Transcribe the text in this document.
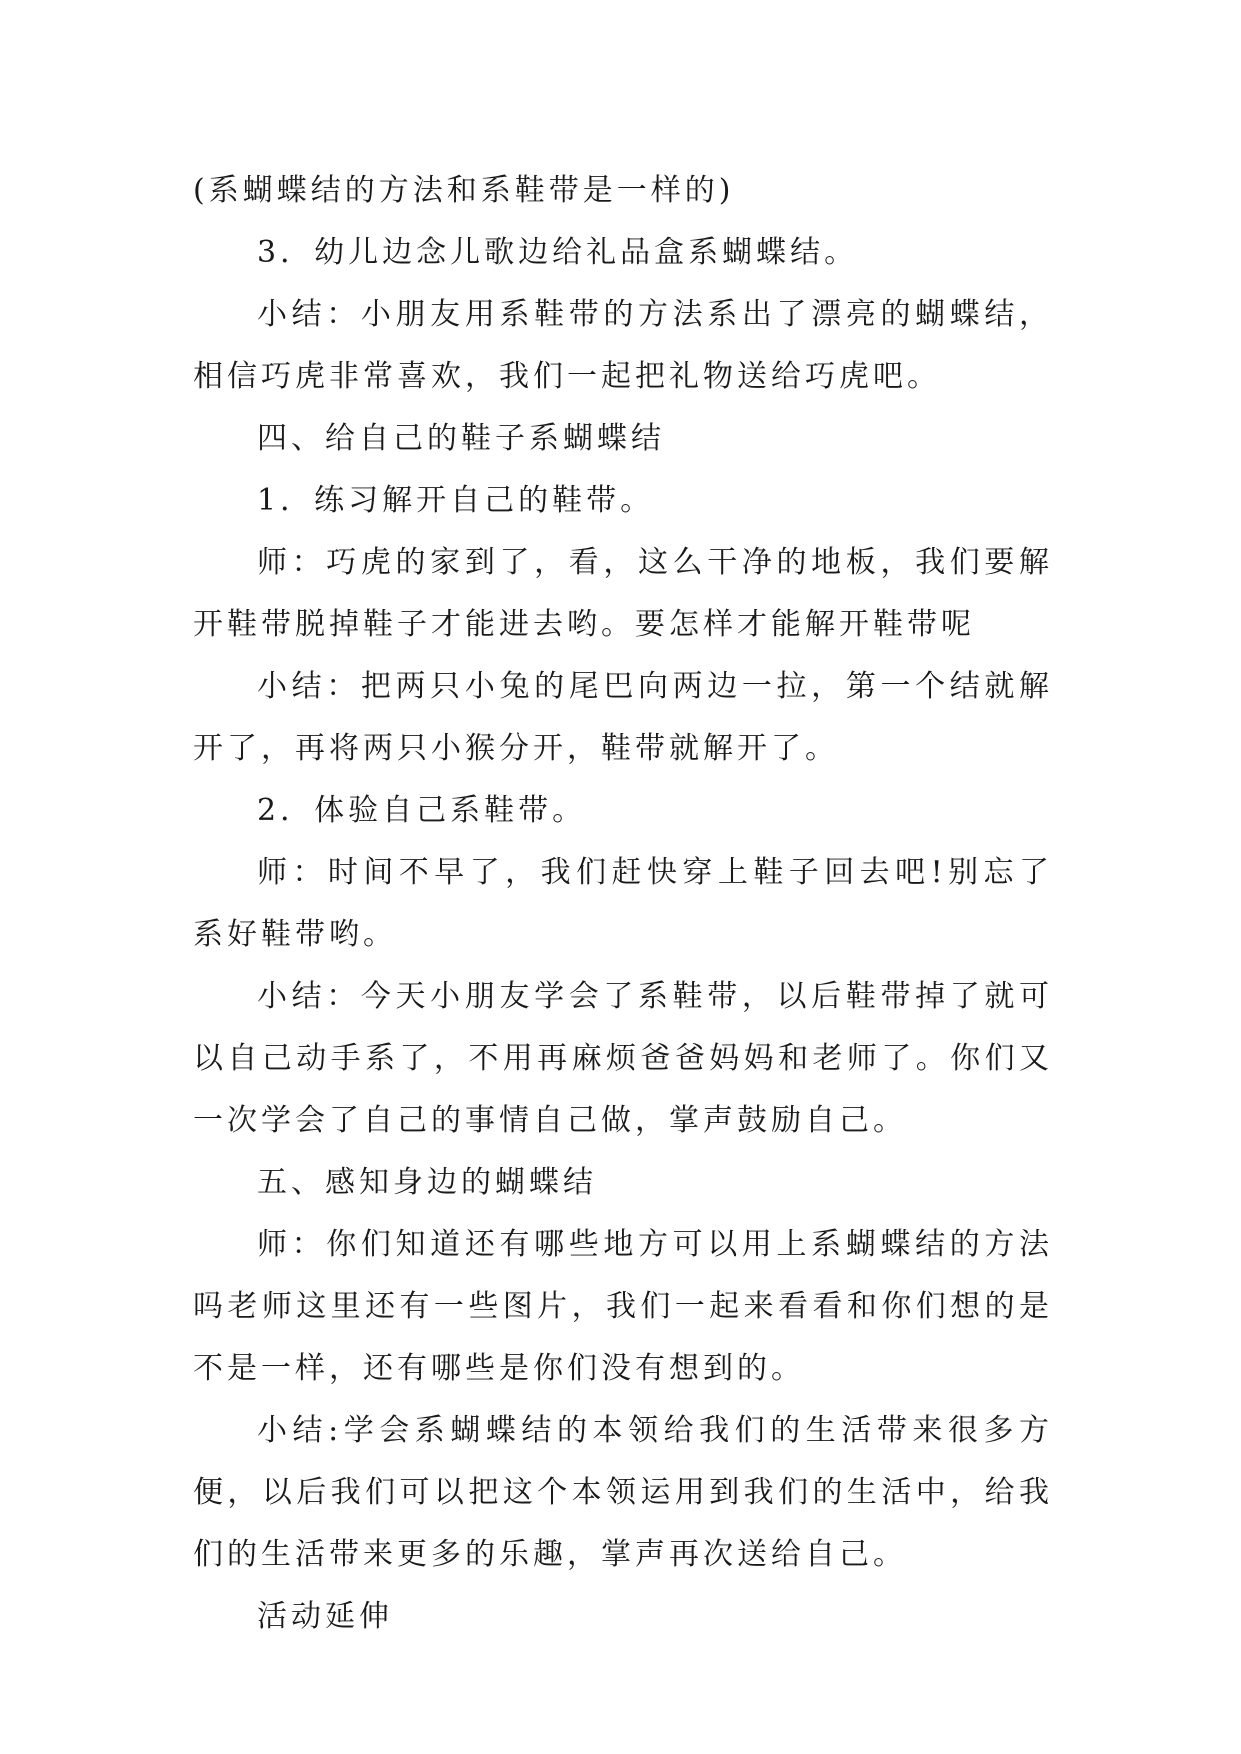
(系蝴蝶结的方法和系鞋带是一样的)

3．幼儿边念儿歌边给礼品盒系蝴蝶结。

小结：小朋友用系鞋带的方法系出了漂亮的蝴蝶结，相信巧虎非常喜欢，我们一起把礼物送给巧虎吧。

四、给自己的鞋子系蝴蝶结

1．练习解开自己的鞋带。

师：巧虎的家到了，看，这么干净的地板，我们要解开鞋带脱掉鞋子才能进去哟。要怎样才能解开鞋带呢

小结：把两只小兔的尾巴向两边一拉，第一个结就解开了，再将两只小猴分开，鞋带就解开了。

2．体验自己系鞋带。

师：时间不早了，我们赶快穿上鞋子回去吧!别忘了系好鞋带哟。

小结：今天小朋友学会了系鞋带，以后鞋带掉了就可以自己动手系了，不用再麻烦爸爸妈妈和老师了。你们又一次学会了自己的事情自己做，掌声鼓励自己。

五、感知身边的蝴蝶结

师：你们知道还有哪些地方可以用上系蝴蝶结的方法吗老师这里还有一些图片，我们一起来看看和你们想的是不是一样，还有哪些是你们没有想到的。

小结:学会系蝴蝶结的本领给我们的生活带来很多方便，以后我们可以把这个本领运用到我们的生活中，给我们的生活带来更多的乐趣，掌声再次送给自己。

活动延伸
